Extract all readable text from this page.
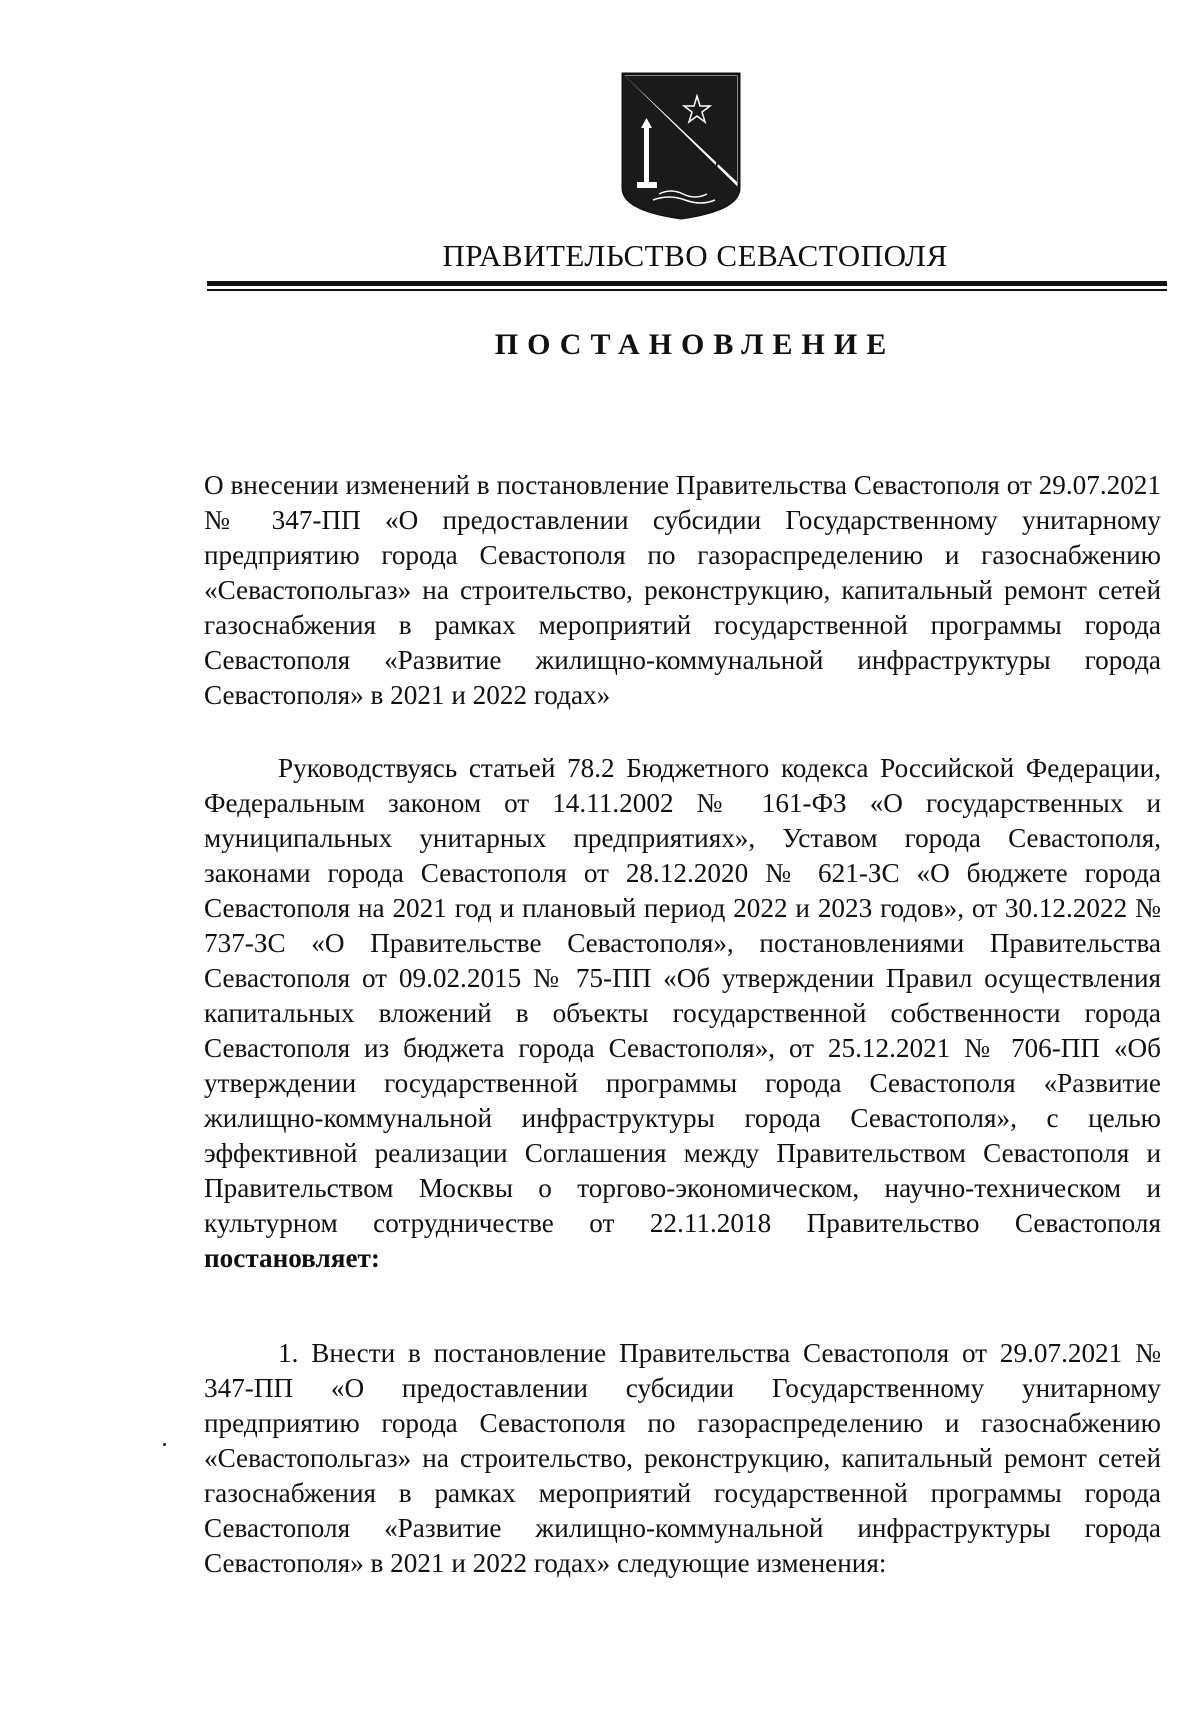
ПРАВИТЕЛЬСТВО СЕВАСТОПОЛЯ
ПОСТАНОВЛЕНИЕ

О внесении изменений в постановление Правительства Севастополя от 29.07.2021 № 347-ПП «О предоставлении субсидии Государственному унитарному предприятию города Севастополя по газораспределению и газоснабжению «Севастопольгаз» на строительство, реконструкцию, капитальный ремонт сетей газоснабжения в рамках мероприятий государственной программы города Севастополя «Развитие жилищно-коммунальной инфраструктуры города Севастополя» в 2021 и 2022 годах»

Руководствуясь статьей 78.2 Бюджетного кодекса Российской Федерации, Федеральным законом от 14.11.2002 № 161-ФЗ «О государственных и муниципальных унитарных предприятиях», Уставом города Севастополя, законами города Севастополя от 28.12.2020 № 621-ЗС «О бюджете города Севастополя на 2021 год и плановый период 2022 и 2023 годов», от 30.12.2022 № 737-ЗС «О Правительстве Севастополя», постановлениями Правительства Севастополя от 09.02.2015 № 75-ПП «Об утверждении Правил осуществления капитальных вложений в объекты государственной собственности города Севастополя из бюджета города Севастополя», от 25.12.2021 № 706-ПП «Об утверждении государственной программы города Севастополя «Развитие жилищно-коммунальной инфраструктуры города Севастополя», с целью эффективной реализации Соглашения между Правительством Севастополя и Правительством Москвы о торгово-экономическом, научно-техническом и культурном сотрудничестве от 22.11.2018 Правительство Севастополя постановляет:

1. Внести в постановление Правительства Севастополя от 29.07.2021 № 347-ПП «О предоставлении субсидии Государственному унитарному предприятию города Севастополя по газораспределению и газоснабжению «Севастопольгаз» на строительство, реконструкцию, капитальный ремонт сетей газоснабжения в рамках мероприятий государственной программы города Севастополя «Развитие жилищно-коммунальной инфраструктуры города Севастополя» в 2021 и 2022 годах» следующие изменения:
